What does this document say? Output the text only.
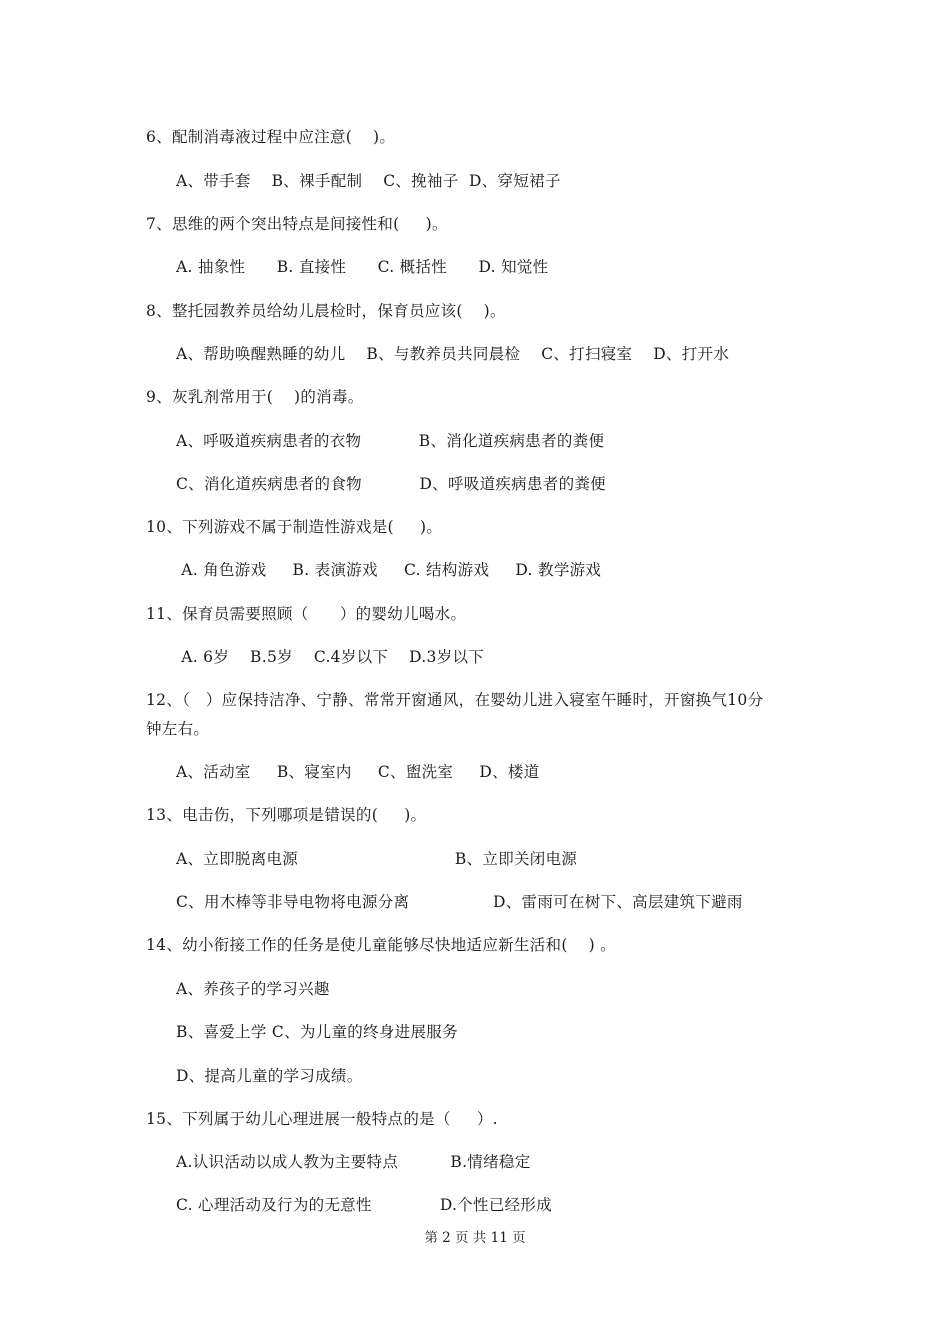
6、配制消毒液过程中应注意(    )。
A、带手套    B、裸手配制    C、挽袖子  D、穿短裙子
7、思维的两个突出特点是间接性和(     )。
A. 抽象性      B. 直接性      C. 概括性      D. 知觉性
8、整托园教养员给幼儿晨检时，保育员应该(    )。
A、帮助唤醒熟睡的幼儿    B、与教养员共同晨检    C、打扫寝室    D、打开水
9、灰乳剂常用于(    )的消毒。
A、呼吸道疾病患者的衣物           B、消化道疾病患者的粪便
C、消化道疾病患者的食物           D、呼吸道疾病患者的粪便
10、下列游戏不属于制造性游戏是(     )。
A. 角色游戏     B. 表演游戏     C. 结构游戏     D. 教学游戏
11、保育员需要照顾（      ）的婴幼儿喝水。
A. 6岁    B.5岁    C.4岁以下    D.3岁以下
12、（   ）应保持洁净、宁静、常常开窗通风，在婴幼儿进入寝室午睡时，开窗换气10分
钟左右。
A、活动室     B、寝室内     C、盥洗室     D、楼道
13、电击伤，下列哪项是错误的(     )。
A、立即脱离电源                              B、立即关闭电源
C、用木棒等非导电物将电源分离                D、雷雨可在树下、高层建筑下避雨
14、幼小衔接工作的任务是使儿童能够尽快地适应新生活和(    ) 。
A、养孩子的学习兴趣
B、喜爱上学 C、为儿童的终身进展服务
D、提高儿童的学习成绩。
15、下列属于幼儿心理进展一般特点的是（     ）.
A.认识活动以成人教为主要特点          B.情绪稳定
C. 心理活动及行为的无意性             D.个性已经形成
第 2 页 共 11 页
